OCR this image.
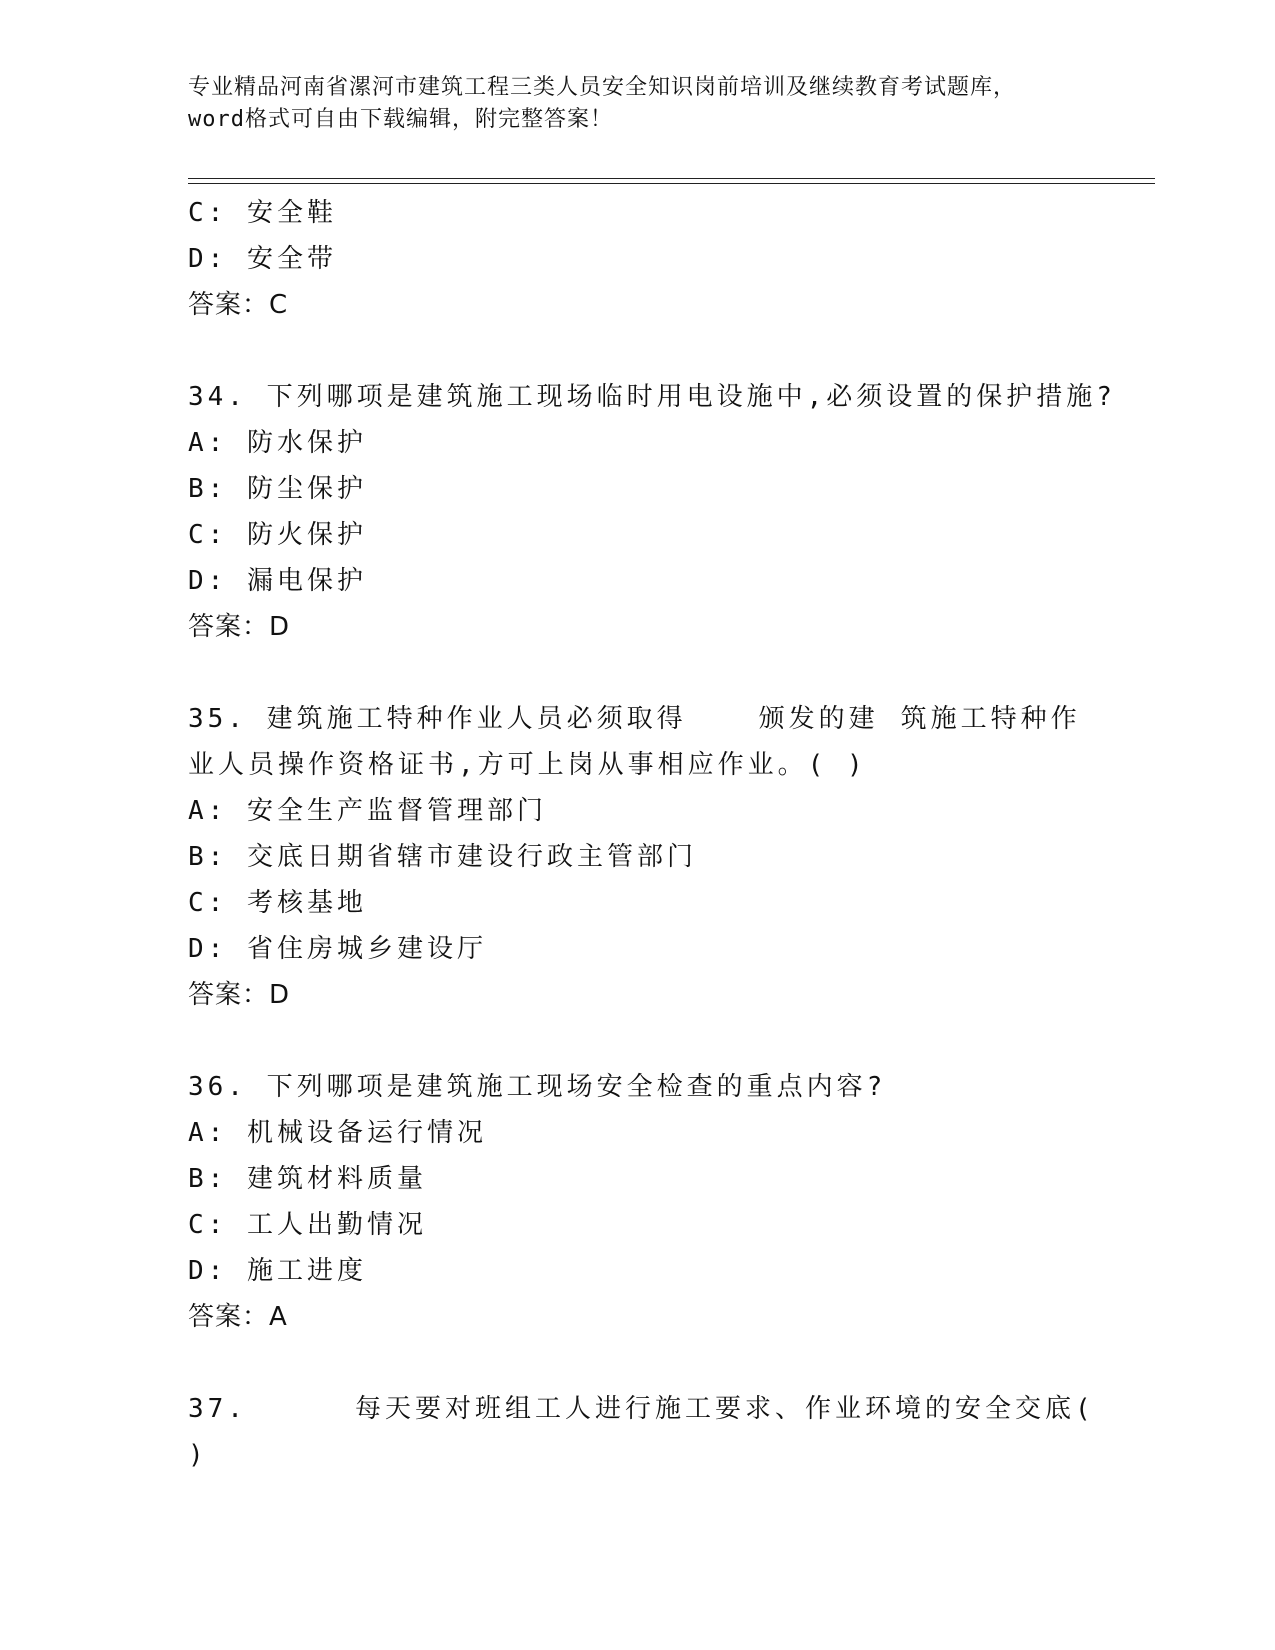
专业精品河南省漯河市建筑工程三类人员安全知识岗前培训及继续教育考试题库，
word格式可自由下载编辑，附完整答案！
C: 安全鞋
D: 安全带
答案：C
34. 下列哪项是建筑施工现场临时用电设施中,必须设置的保护措施?
A: 防水保护
B: 防尘保护
C: 防火保护
D: 漏电保护
答案：D
35. 建筑施工特种作业人员必须取得	颁发的建 筑施工特种作
业人员操作资格证书,方可上岗从事相应作业。( )
A: 安全生产监督管理部门
B: 交底日期省辖市建设行政主管部门
C: 考核基地
D: 省住房城乡建设厅
答案：D
36. 下列哪项是建筑施工现场安全检查的重点内容?
A: 机械设备运行情况
B: 建筑材料质量
C: 工人出勤情况
D: 施工进度
答案：A
37.	每天要对班组工人进行施工要求、作业环境的安全交底(
)
